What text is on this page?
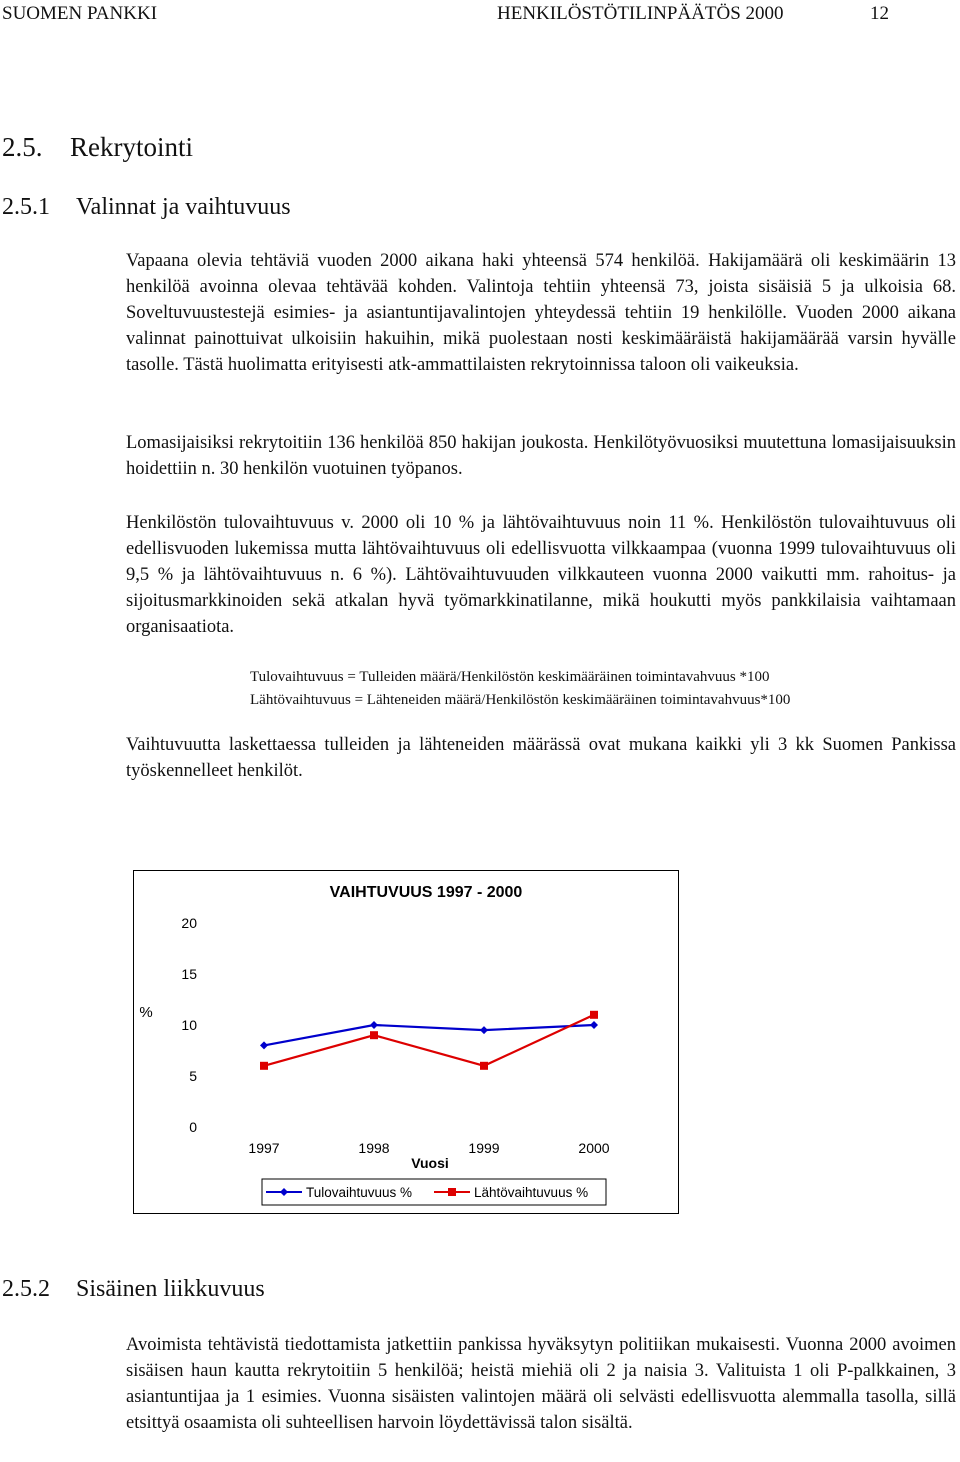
SUOMEN PANKKI	HENKILÖSTÖTILINPÄÄTÖS 2000	12
2.5. Rekrytointi
2.5.1 Valinnat ja vaihtuvuus

Vapaana olevia tehtäviä vuoden 2000 aikana haki yhteensä 574 henkilöä. Hakijamäärä oli keskimäärin 13 henkilöä avoinna olevaa tehtävää kohden. Valintoja tehtiin yhteensä 73, joista sisäisiä 5 ja ulkoisia 68. Soveltuvuustestejä esimies- ja asiantuntijavalintojen yhteydessä tehtiin 19 henkilölle. Vuoden 2000 aikana valinnat painottuivat ulkoisiin hakuihin, mikä puolestaan nosti keskimääräistä hakijamäärää varsin hyvälle tasolle. Tästä huolimatta erityisesti atk-ammattilaisten rekrytoinnissa taloon oli vaikeuksia.

Lomasijaisiksi rekrytoitiin 136 henkilöä 850 hakijan joukosta. Henkilötyövuosiksi muutettuna lomasijaisuuksin hoidettiin n. 30 henkilön vuotuinen työpanos.

Henkilöstön tulovaihtuvuus v. 2000 oli 10 % ja lähtövaihtuvuus noin 11 %. Henkilöstön tulovaihtuvuus oli edellisvuoden lukemissa mutta lähtövaihtuvuus oli edellisvuotta vilkkaampaa (vuonna 1999 tulovaihtuvuus oli 9,5 % ja lähtövaihtuvuus n. 6 %). Lähtövaihtuvuuden vilkkauteen vuonna 2000 vaikutti mm. rahoitus- ja sijoitusmarkkinoiden sekä atkalan hyvä työmarkkinatilanne, mikä houkutti myös pankkilaisia vaihtamaan organisaatiota.

Tulovaihtuvuus = Tulleiden määrä/Henkilöstön keskimääräinen toimintavahvuus *100
Lähtövaihtuvuus = Lähteneiden määrä/Henkilöstön keskimääräinen toimintavahvuus*100

Vaihtuvuutta laskettaessa tulleiden ja lähteneiden määrässä ovat mukana kaikki yli 3 kk Suomen Pankissa työskennelleet henkilöt.

VAIHTUVUUS 1997 - 2000
%
Vuosi
0
5
10
15
20
1997	1998	1999	2000
Tulovaihtuvuus %	Lähtövaihtuvuus %
2.5.2 Sisäinen liikkuvuus

Avoimista tehtävistä tiedottamista jatkettiin pankissa hyväksytyn politiikan mukaisesti. Vuonna 2000 avoimen sisäisen haun kautta rekrytoitiin 5 henkilöä; heistä miehiä oli 2 ja naisia 3. Valituista 1 oli P-palkkainen, 3 asiantuntijaa ja 1 esimies. Vuonna sisäisten valintojen määrä oli selvästi edellisvuotta alemmalla tasolla, sillä etsittyä osaamista oli suhteellisen harvoin löydettävissä talon sisältä.
